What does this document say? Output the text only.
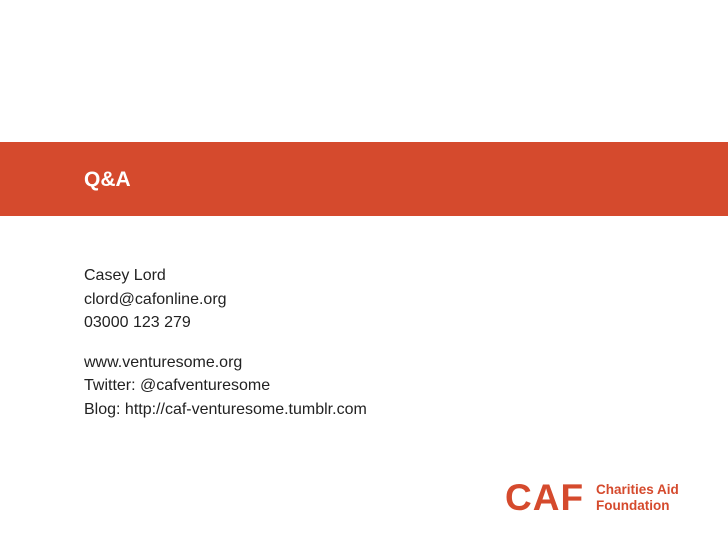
Q&A
Casey Lord
clord@cafonline.org
03000 123 279
www.venturesome.org
Twitter: @cafventuresome
Blog: http://caf-venturesome.tumblr.com
CAF Charities Aid
Foundation
